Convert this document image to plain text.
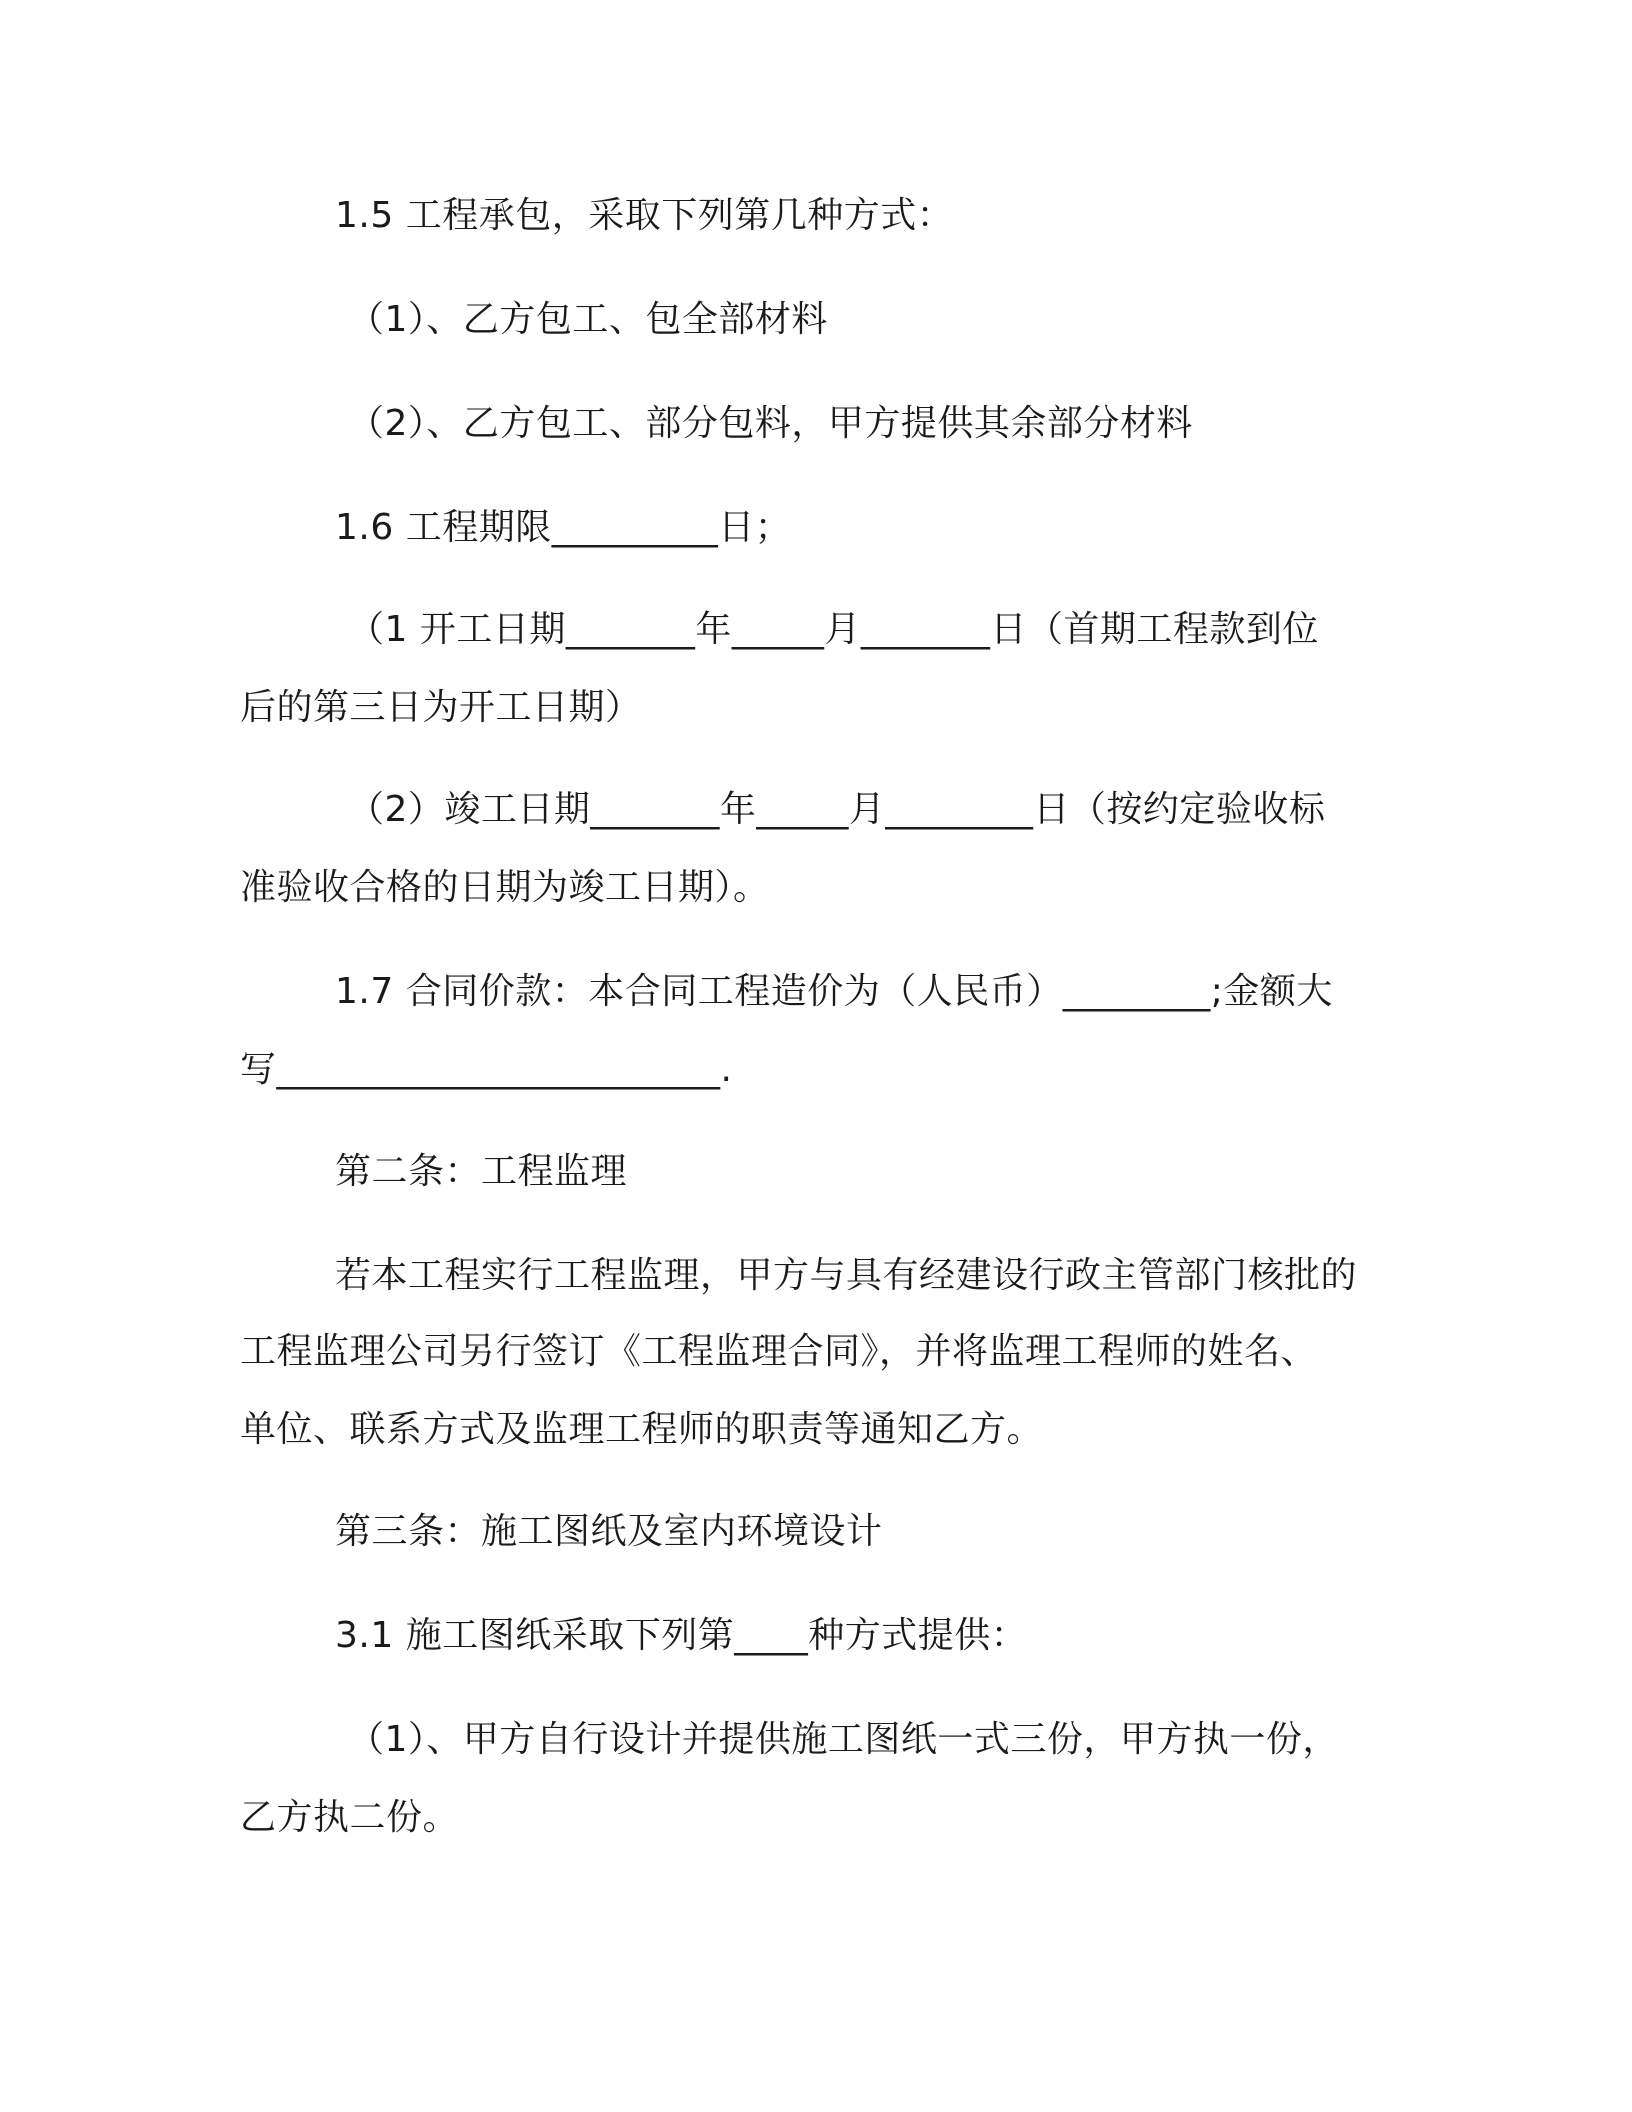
1.5 工程承包，采取下列第几种方式：
（1）、乙方包工、包全部材料
（2）、乙方包工、部分包料，甲方提供其余部分材料
1.6 工程期限_________日；
（1 开工日期_______年_____月_______日（首期工程款到位
后的第三日为开工日期）
（2）竣工日期_______年_____月________日（按约定验收标
准验收合格的日期为竣工日期）。
1.7 合同价款：本合同工程造价为（人民币）________;金额大
写________________________.
第二条：工程监理
若本工程实行工程监理，甲方与具有经建设行政主管部门核批的
工程监理公司另行签订《工程监理合同》，并将监理工程师的姓名、
单位、联系方式及监理工程师的职责等通知乙方。
第三条：施工图纸及室内环境设计
3.1 施工图纸采取下列第____种方式提供：
（1）、甲方自行设计并提供施工图纸一式三份，甲方执一份，
乙方执二份。
